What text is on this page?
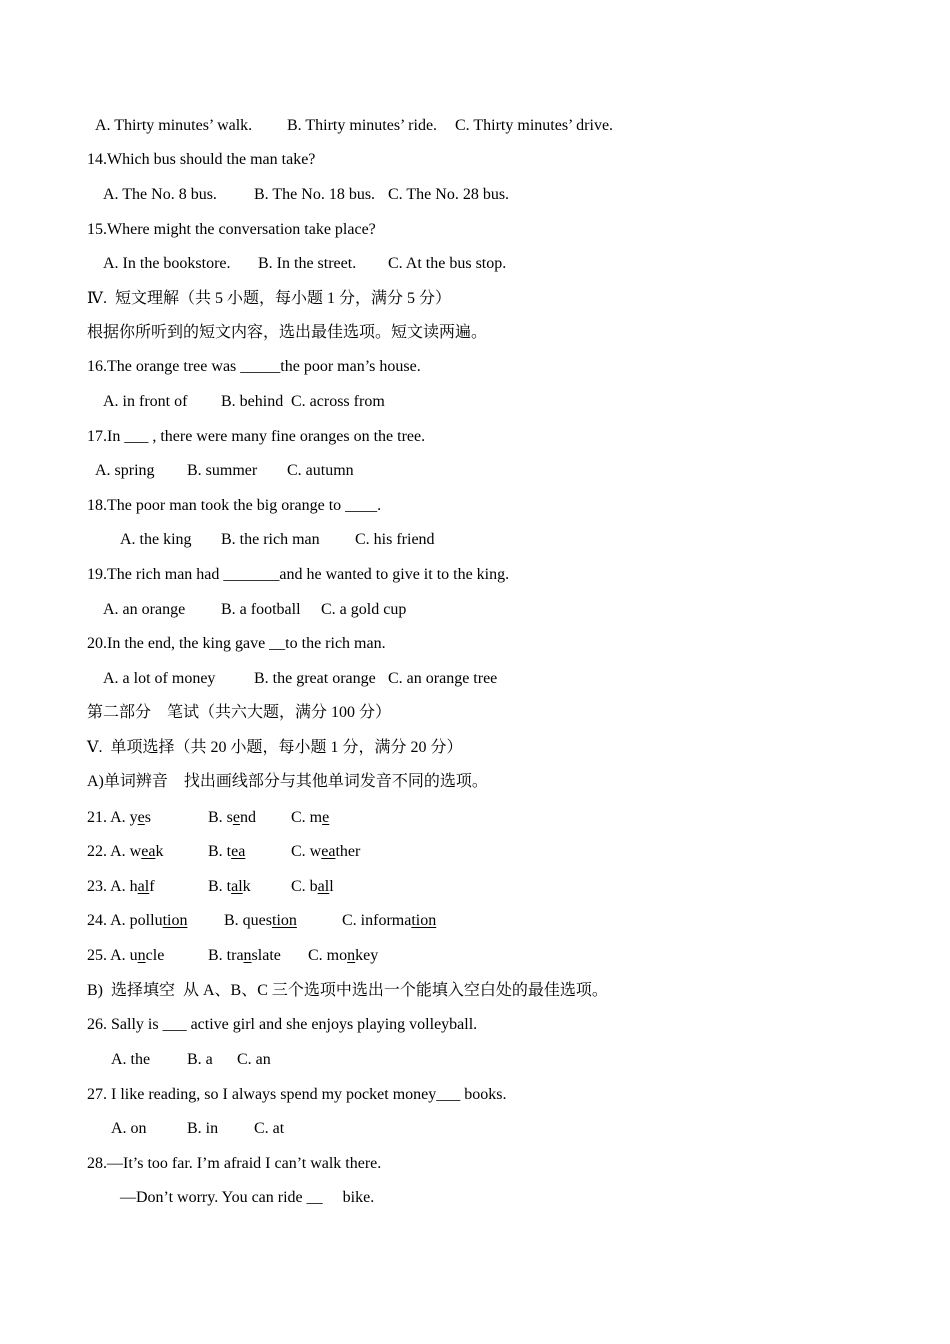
A. Thirty minutes’ walk. B. Thirty minutes’ ride. C. Thirty minutes’ drive.
14.Which bus should the man take?
A. The No. 8 bus. B. The No. 18 bus. C. The No. 28 bus.
15.Where might the conversation take place?
A. In the bookstore. B. In the street. C. At the bus stop.
Ⅳ.  短文理解（共 5 小题，每小题 1 分，满分 5 分）
根据你所听到的短文内容，选出最佳选项。短文读两遍。
16.The orange tree was _____the poor man’s house.
A. in front of B. behind C. across from
17.In ___ , there were many fine oranges on the tree.
A. spring B. summer C. autumn
18.The poor man took the big orange to ____.
A. the king B. the rich man C. his friend
19.The rich man had _______and he wanted to give it to the king.
A. an orange B. a football C. a gold cup
20.In the end, the king gave __to the rich man.
A. a lot of money B. the great orange C. an orange tree
第二部分    笔试（共六大题，满分 100 分）
Ⅴ.  单项选择（共 20 小题，每小题 1 分，满分 20 分）
A)单词辨音    找出画线部分与其他单词发音不同的选项。
21. A. yes	B. send C. me
22. A. weak	B. tea	C. weather
23. A. half	B. talk	C. ball
24. A. pollution B. question	C. information
25. A. uncle	B. translate C. monkey
B)  选择填空  从 A、B、C 三个选项中选出一个能填入空白处的最佳选项。
26. Sally is ___ active girl and she enjoys playing volleyball.
A. the B. a C. an
27. I like reading, so I always spend my pocket money___ books.
A. on	B. in C. at
28.—It’s too far. I’m afraid I can’t walk there.
—Don’t worry. You can ride __     bike.
